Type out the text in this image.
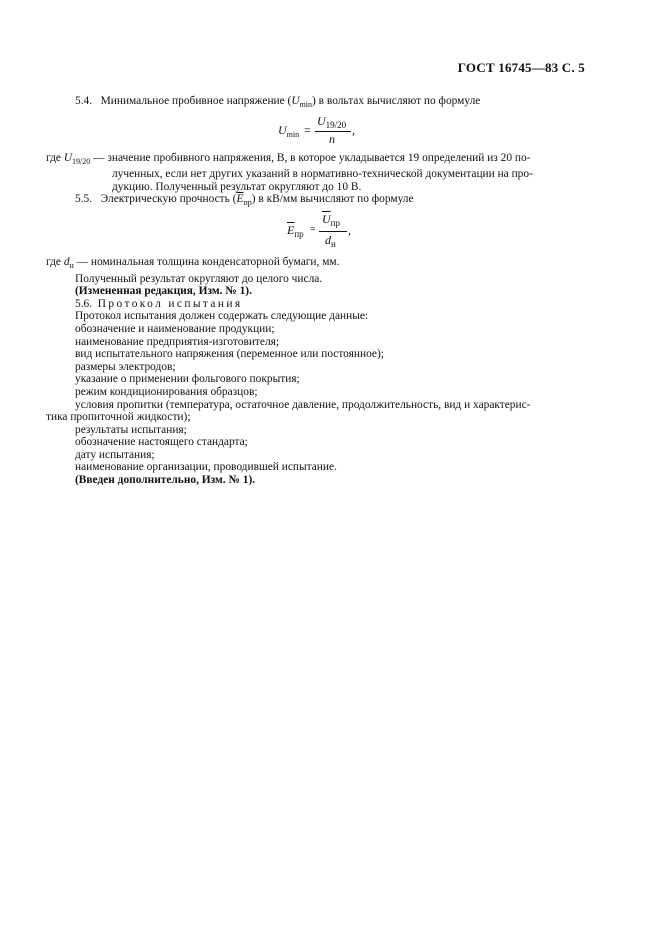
ГОСТ 16745—83 С. 5

5.4. Минимальное пробивное напряжение $(U_{min})$ в вольтах вычисляют по формуле

$U_{min}$ =
$U_{19/20}$
n
,

где $U_{19/20}$ — значение пробивного напряжения, В, в которое укладывается 19 определений из 20 по-
лученных, если нет других указаний в нормативно-технической документации на про-
дукцию. Полученный результат округляют до 10 В.

5.5. Электрическую прочность $(\overline{E}_{пр})$ в кВ/мм вычисляют по формуле

$\overline{E}_{пр}$ =
$\overline{U}_{пр}$
$d_н$
,

где $d_н$ — номинальная толщина конденсаторной бумаги, мм.

Полученный результат округляют до целого числа.

(Измененная редакция, Изм. № 1).

5.6. Протокол испытания

Протокол испытания должен содержать следующие данные:

обозначение и наименование продукции;

наименование предприятия-изготовителя;

вид испытательного напряжения (переменное или постоянное);

размеры электродов;

указание о применении фольгового покрытия;

режим кондиционирования образцов;

условия пропитки (температура, остаточное давление, продолжительность, вид и характерис-
тика пропиточной жидкости);

результаты испытания;

обозначение настоящего стандарта;

дату испытания;

наименование организации, проводившей испытание.

(Введен дополнительно, Изм. № 1).
